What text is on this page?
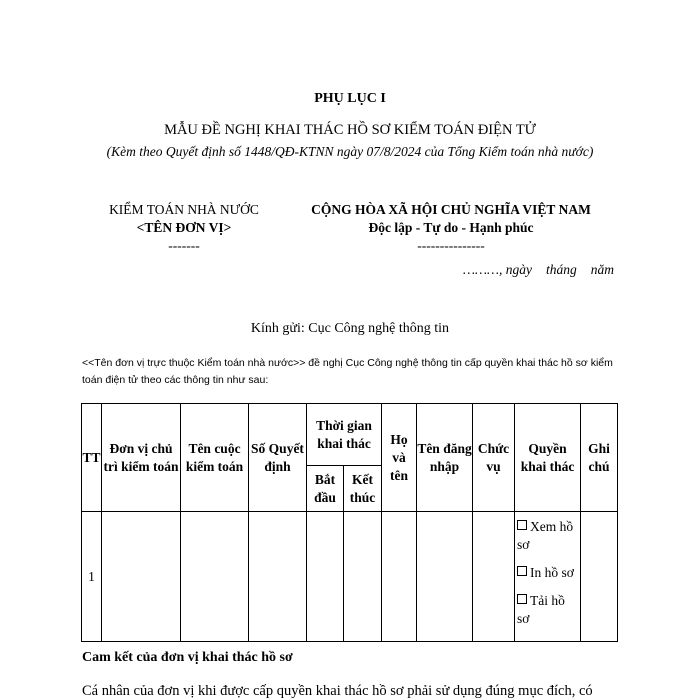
PHỤ LỤC I
MẪU ĐỀ NGHỊ KHAI THÁC HỒ SƠ KIỂM TOÁN ĐIỆN TỬ
(Kèm theo Quyết định số 1448/QĐ-KTNN ngày 07/8/2024 của Tổng Kiểm toán nhà nước)
KIỂM TOÁN NHÀ NƯỚC
<TÊN ĐƠN VỊ>
-------
CỘNG HÒA XÃ HỘI CHỦ NGHĨA VIỆT NAM
Độc lập - Tự do - Hạnh phúc
---------------
………, ngày tháng năm
Kính gửi: Cục Công nghệ thông tin
<<Tên đơn vị trực thuộc Kiểm toán nhà nước>> đề nghị Cục Công nghệ thông tin cấp quyền khai thác hồ sơ kiểm toán điện tử theo các thông tin như sau:
TT	Đơn vị chủ trì kiểm toán	Tên cuộc kiểm toán	Số Quyết định	Thời gian khai thác		Họ và tên	Tên đăng nhập	Chức vụ	Quyền khai thác	Ghi chú
				Bắt đầu	Kết thúc					
1									Xem hồ sơ
In hồ sơ
Tải hồ sơ	

Cam kết của đơn vị khai thác hồ sơ
Cá nhân của đơn vị khi được cấp quyền khai thác hồ sơ phải sử dụng đúng mục đích, có
